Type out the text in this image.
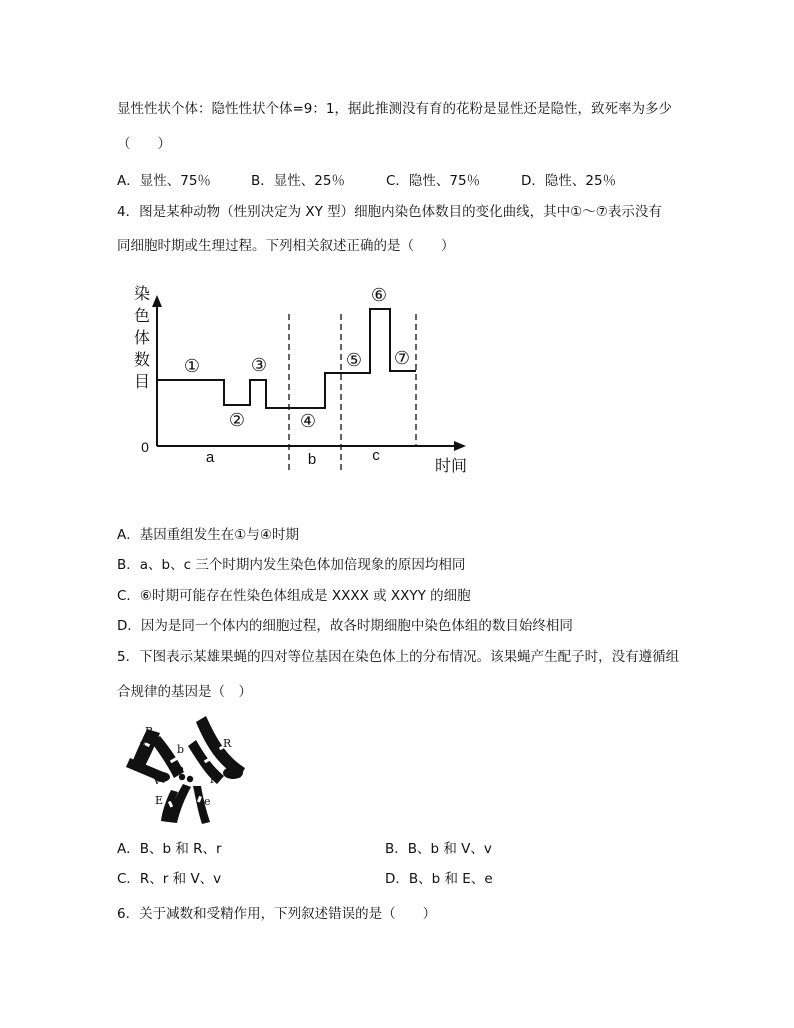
显性性状个体：隐性性状个体=9：1，据此推测没有育的花粉是显性还是隐性，致死率为多少
（　　）
A．显性、75％	B．显性、25％	C．隐性、75％	D．隐性、25％
4．图是某种动物（性别决定为 XY 型）细胞内染色体数目的变化曲线，其中①～⑦表示没有
同细胞时期或生理过程。下列相关叙述正确的是（　　）
染
色
体
数
目
0
时间
①
②
③
④
⑤
⑥
⑦
a	b	c
B
v	b
V
R
r
E	e
A．基因重组发生在①与④时期
B．a、b、c 三个时期内发生染色体加倍现象的原因均相同
C．⑥时期可能存在性染色体组成是 XXXX 或 XXYY 的细胞
D．因为是同一个体内的细胞过程，故各时期细胞中染色体组的数目始终相同
5．下图表示某雄果蝇的四对等位基因在染色体上的分布情况。该果蝇产生配子时，没有遵循组
合规律的基因是（　）
A．B、b 和 R、r	B．B、b 和 V、v
C．R、r 和 V、v	D．B、b 和 E、e
6．关于减数和受精作用，下列叙述错误的是（　　）
